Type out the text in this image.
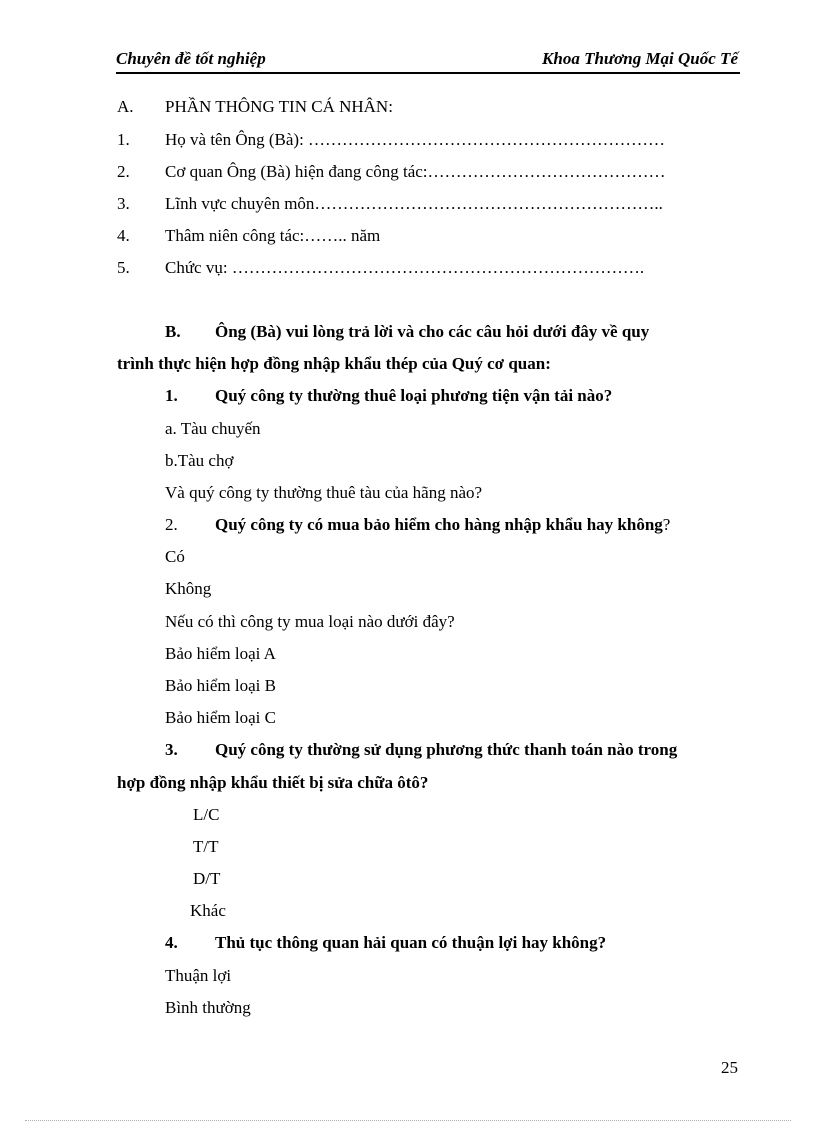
Chuyên đề tốt nghiệp	Khoa Thương Mại Quốc Tế
A. PHẦN THÔNG TIN CÁ NHÂN:
1. Họ và tên Ông (Bà): ………………………………………………………
2. Cơ quan Ông (Bà) hiện đang công tác:……………………………………
3. Lĩnh vực chuyên môn……………………………………………………..
4. Thâm niên công tác:…….. năm
5. Chức vụ: ……………………………………………………………….
B. Ông (Bà) vui lòng trả lời và cho các câu hỏi dưới đây về quy
trình thực hiện hợp đồng nhập khẩu thép của Quý cơ quan:
1. Quý công ty thường thuê loại phương tiện vận tải nào?
a. Tàu chuyến
b.Tàu chợ
Và quý công ty thường thuê tàu của hãng nào?
2. Quý công ty có mua bảo hiểm cho hàng nhập khẩu hay không?
Có
Không
Nếu có thì công ty mua loại nào dưới đây?
Bảo hiểm loại A
Bảo hiểm loại B
Bảo hiểm loại C
3. Quý công ty thường sử dụng phương thức thanh toán nào trong
hợp đồng nhập khẩu thiết bị sửa chữa ôtô?
L/C
T/T
D/T
Khác
4. Thủ tục thông quan hải quan có thuận lợi hay không?
Thuận lợi
Bình thường
25
